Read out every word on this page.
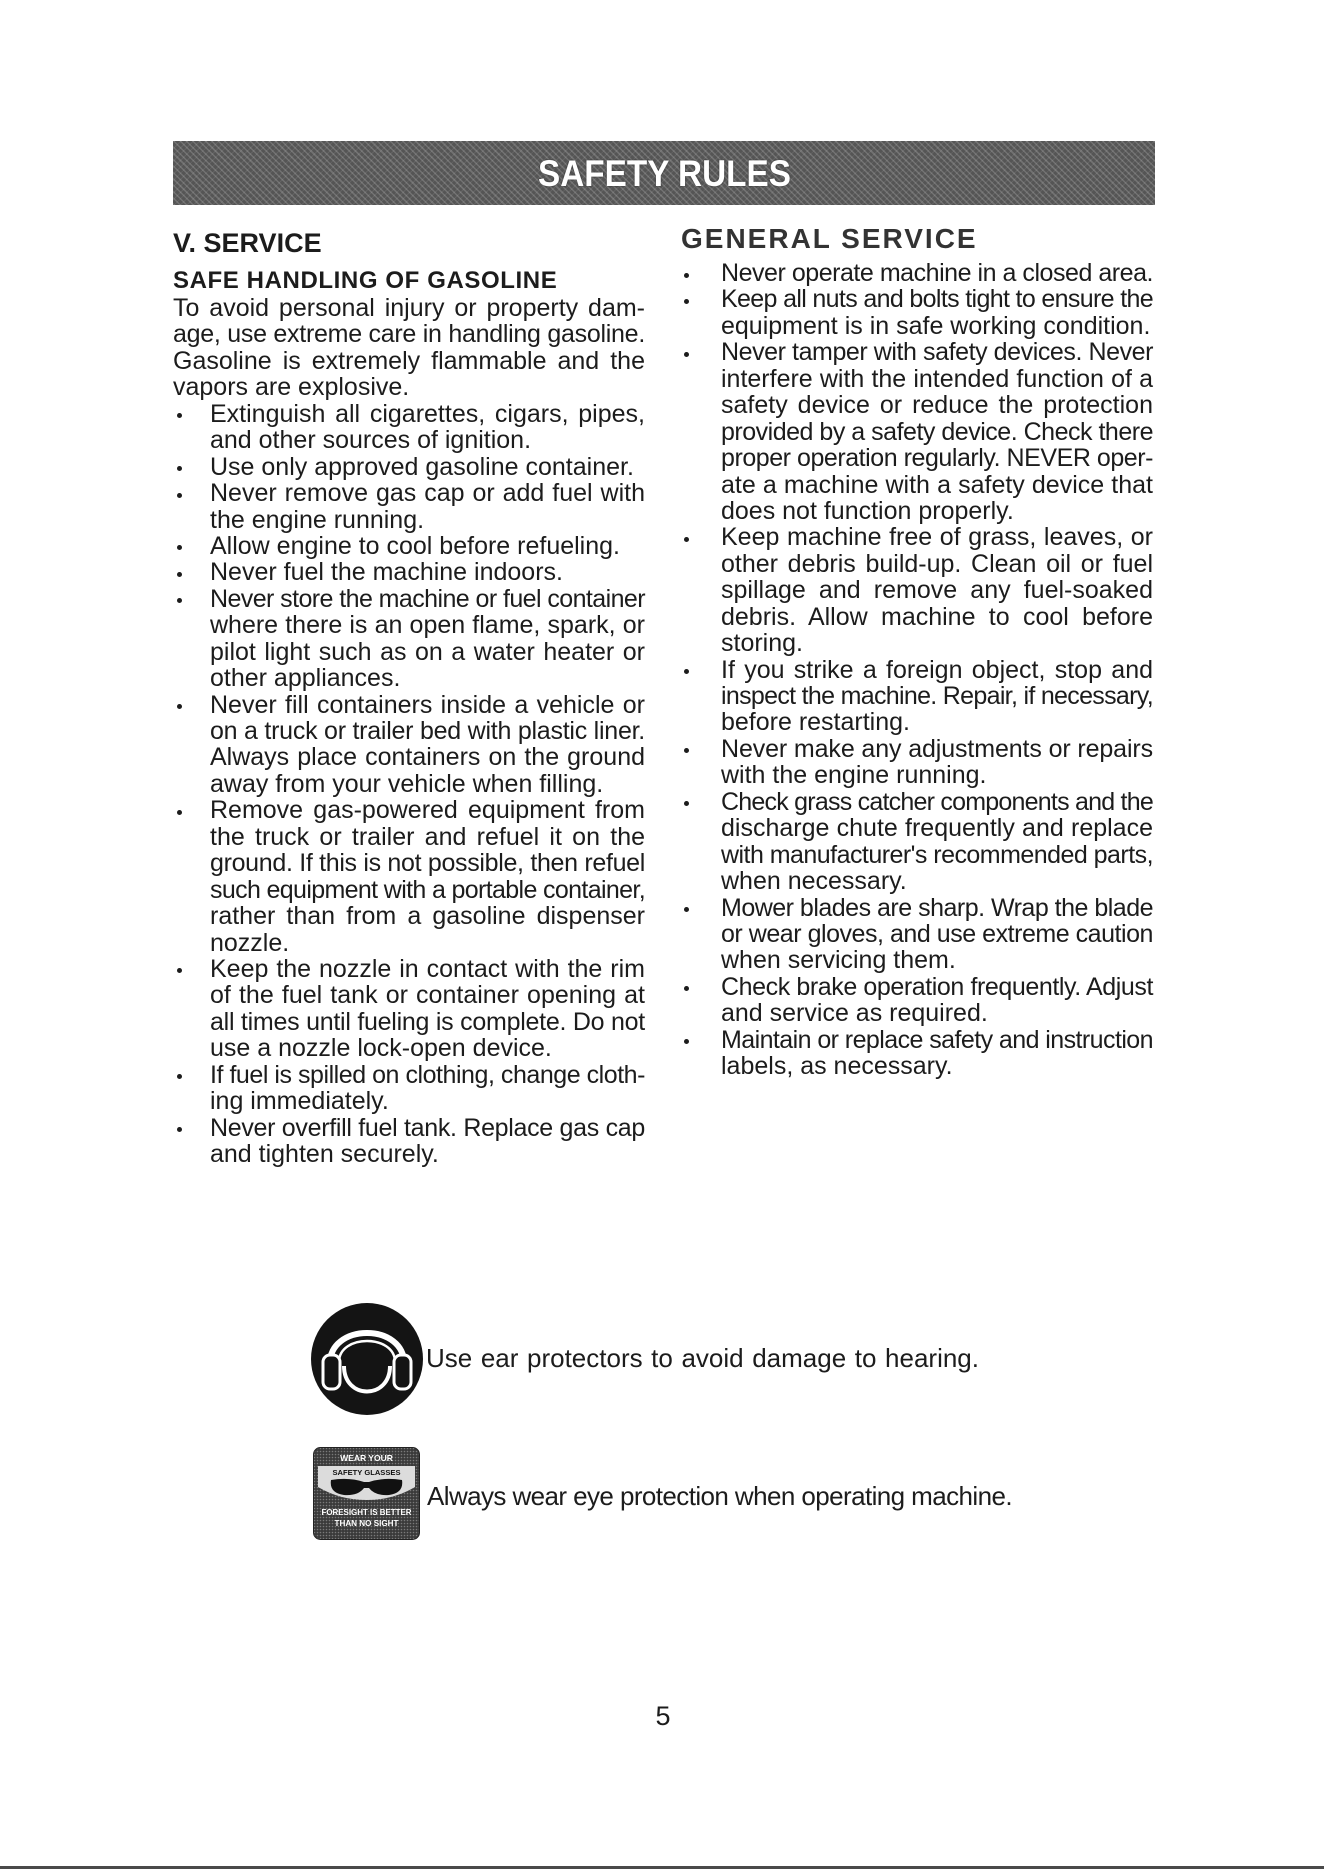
SAFETY RULES
V. SERVICE
SAFE HANDLING OF GASOLINE
To avoid personal injury or property dam-
age, use extreme care in handling gasoline.
Gasoline is extremely flammable and the
vapors are explosive.
Extinguish all cigarettes, cigars, pipes,
and other sources of ignition.
Use only approved gasoline container.
Never remove gas cap or add fuel with
the engine running.
Allow engine to cool before refueling.
Never fuel the machine indoors.
Never store the machine or fuel container
where there is an open flame, spark, or
pilot light such as on a water heater or
other appliances.
Never fill containers inside a vehicle or
on a truck or trailer bed with plastic liner.
Always place containers on the ground
away from your vehicle when filling.
Remove gas-powered equipment from
the truck or trailer and refuel it on the
ground. If this is not possible, then refuel
such equipment with a portable container,
rather than from a gasoline dispenser
nozzle.
Keep the nozzle in contact with the rim
of the fuel tank or container opening at
all times until fueling is complete. Do not
use a nozzle lock-open device.
If fuel is spilled on clothing, change cloth-
ing immediately.
Never overfill fuel tank. Replace gas cap
and tighten securely.
GENERAL SERVICE
Never operate machine in a closed area.
Keep all nuts and bolts tight to ensure the
equipment is in safe working condition.
Never tamper with safety devices. Never
interfere with the intended function of a
safety device or reduce the protection
provided by a safety device. Check there
proper operation regularly. NEVER oper-
ate a machine with a safety device that
does not function properly.
Keep machine free of grass, leaves, or
other debris build-up. Clean oil or fuel
spillage and remove any fuel-soaked
debris. Allow machine to cool before
storing.
If you strike a foreign object, stop and
inspect the machine. Repair, if necessary,
before restarting.
Never make any adjustments or repairs
with the engine running.
Check grass catcher components and the
discharge chute frequently and replace
with manufacturer's recommended parts,
when necessary.
Mower blades are sharp. Wrap the blade
or wear gloves, and use extreme caution
when servicing them.
Check brake operation frequently. Adjust
and service as required.
Maintain or replace safety and instruction
labels, as necessary.
Use ear protectors to avoid damage to hearing.
WEAR YOUR
SAFETY GLASSES
FORESIGHT IS BETTER
THAN NO SIGHT
Always wear eye protection when operating machine.
5
